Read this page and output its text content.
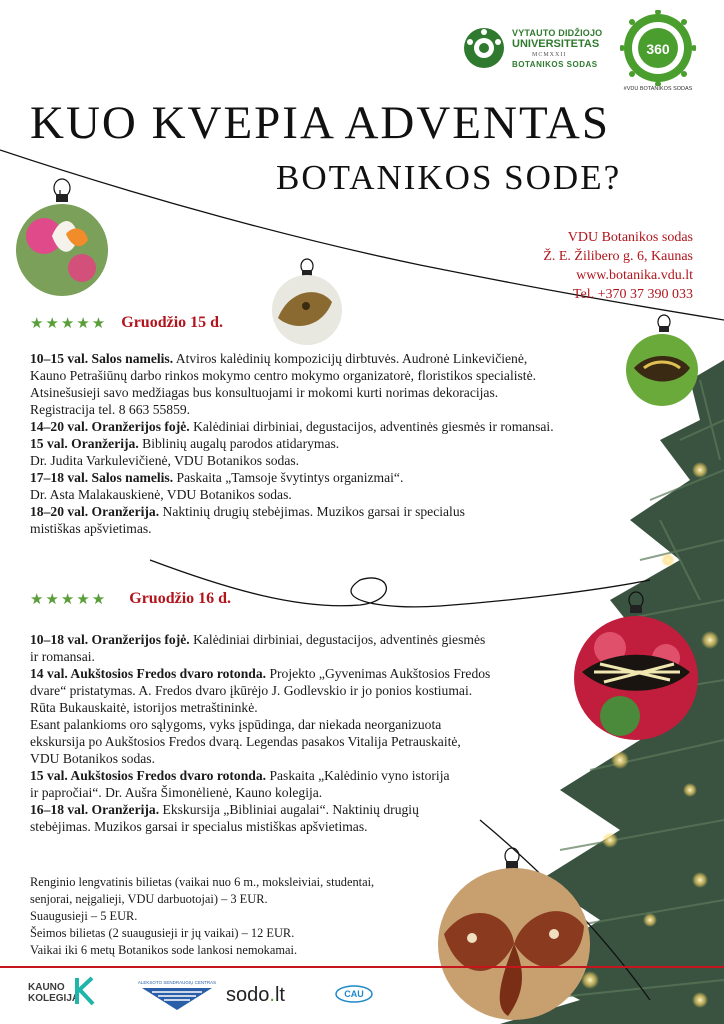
VYTAUTO DIDŽIOJO
UNIVERSITETAS
MCMXXII
BOTANIKOS SODAS
360
#VDU BOTANIKOS SODAS
KUO KVEPIA ADVENTAS
BOTANIKOS SODE?
VDU Botanikos sodas
Ž. E. Žilibero g. 6, Kaunas
www.botanika.vdu.lt
Tel. +370 37 390 033
★★★★★ Gruodžio 15 d.

10–15 val. Salos namelis. Atviros kalėdinių kompozicijų dirbtuvės. Audronė Linkevičienė,

Kauno Petrašiūnų darbo rinkos mokymo centro mokymo organizatorė, floristikos specialistė.

Atsinešusieji savo medžiagas bus konsultuojami ir mokomi kurti norimas dekoracijas.

Registracija tel. 8 663 55859.

14–20 val. Oranžerijos fojė. Kalėdiniai dirbiniai, degustacijos, adventinės giesmės ir romansai.

15 val. Oranžerija. Biblinių augalų parodos atidarymas.

Dr. Judita Varkulevičienė, VDU Botanikos sodas.

17–18 val. Salos namelis. Paskaita „Tamsoje švytintys organizmai“.

Dr. Asta Malakauskienė, VDU Botanikos sodas.

18–20 val. Oranžerija. Naktinių drugių stebėjimas. Muzikos garsai ir specialus

mistiškas apšvietimas.

★★★★★ Gruodžio 16 d.

10–18 val. Oranžerijos fojė. Kalėdiniai dirbiniai, degustacijos, adventinės giesmės

ir romansai.

14 val. Aukštosios Fredos dvaro rotonda. Projekto „Gyvenimas Aukštosios Fredos

dvare“ pristatymas. A. Fredos dvaro įkūrėjo J. Godlevskio ir jo ponios kostiumai.

Rūta Bukauskaitė, istorijos metraštininkė.

Esant palankioms oro sąlygoms, vyks įspūdinga, dar niekada neorganizuota

ekskursija po Aukštosios Fredos dvarą. Legendas pasakos Vitalija Petrauskaitė,

VDU Botanikos sodas.

15 val. Aukštosios Fredos dvaro rotonda. Paskaita „Kalėdinio vyno istorija

ir papročiai“. Dr. Aušra Šimonėlienė, Kauno kolegija.

16–18 val. Oranžerija. Ekskursija „Bibliniai augalai“. Naktinių drugių

stebėjimas. Muzikos garsai ir specialus mistiškas apšvietimas.

Renginio lengvatinis bilietas (vaikai nuo 6 m., moksleiviai, studentai,

senjorai, neįgalieji, VDU darbuotojai) – 3 EUR.

Suaugusieji – 5 EUR.

Šeimos bilietas (2 suaugusieji ir jų vaikai) – 12 EUR.

Vaikai iki 6 metų Botanikos sode lankosi nemokamai.

KAUNO
KOLEGIJA
ALEKSOTO SENDRAUGIŲ CENTRAS
sodo.lt	CAU
